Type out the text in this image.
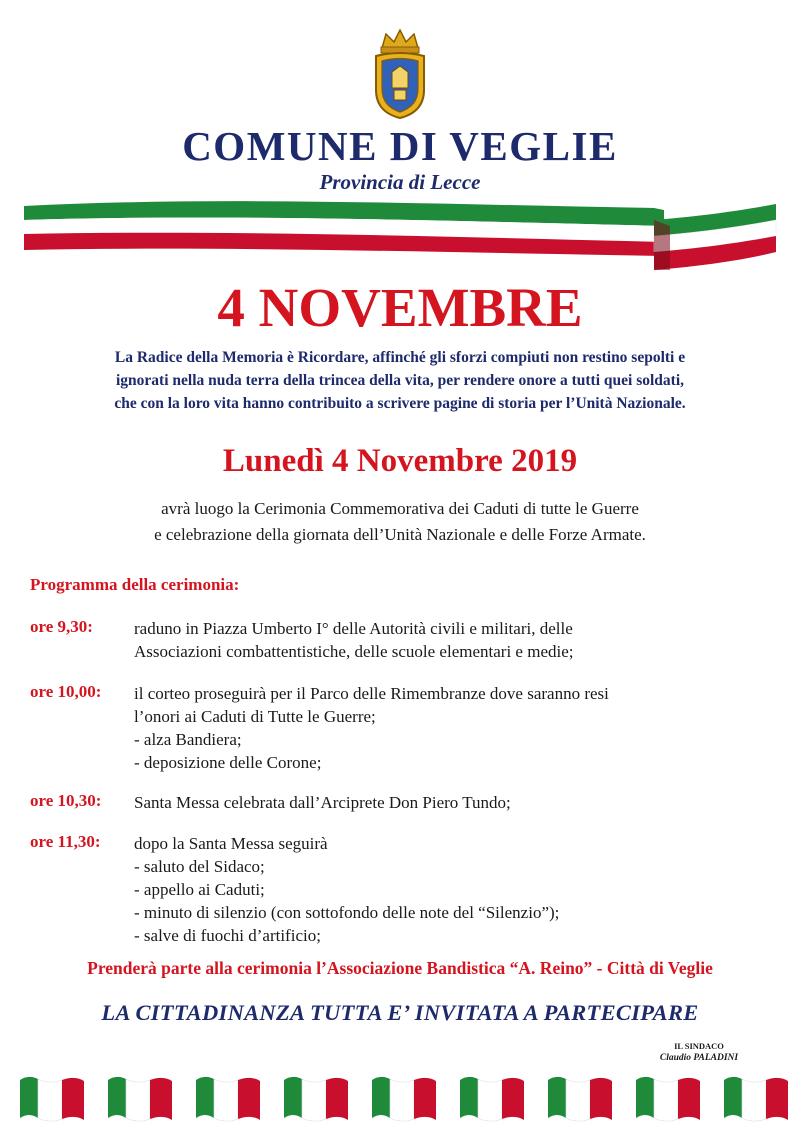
COMUNE DI VEGLIE
Provincia di Lecce
4 NOVEMBRE
La Radice della Memoria è Ricordare, affinché gli sforzi compiuti non restino sepolti e
ignorati nella nuda terra della trincea della vita, per rendere onore a tutti quei soldati,
che con la loro vita hanno contribuito a scrivere pagine di storia per l’Unità Nazionale.
Lunedì 4 Novembre 2019
avrà luogo la Cerimonia Commemorativa dei Caduti di tutte le Guerre
e celebrazione della giornata dell’Unità Nazionale e delle Forze Armate.
Programma della cerimonia:
ore 9,30: raduno in Piazza Umberto I° delle Autorità civili e militari, delle
Associazioni combattentistiche, delle scuole elementari e medie;
ore 10,00: il corteo proseguirà per il Parco delle Rimembranze dove saranno resi
l’onori ai Caduti di Tutte le Guerre;
- alza Bandiera;
- deposizione delle Corone;
ore 10,30: Santa Messa celebrata dall’Arciprete Don Piero Tundo;
ore 11,30: dopo la Santa Messa seguirà
- saluto del Sidaco;
- appello ai Caduti;
- minuto di silenzio (con sottofondo delle note del “Silenzio”);
- salve di fuochi d’artificio;
Prenderà parte alla cerimonia l’Associazione Bandistica “A. Reino” - Città di Veglie
LA CITTADINANZA TUTTA E’ INVITATA A PARTECIPARE
IL SINDACO
Claudio PALADINI
